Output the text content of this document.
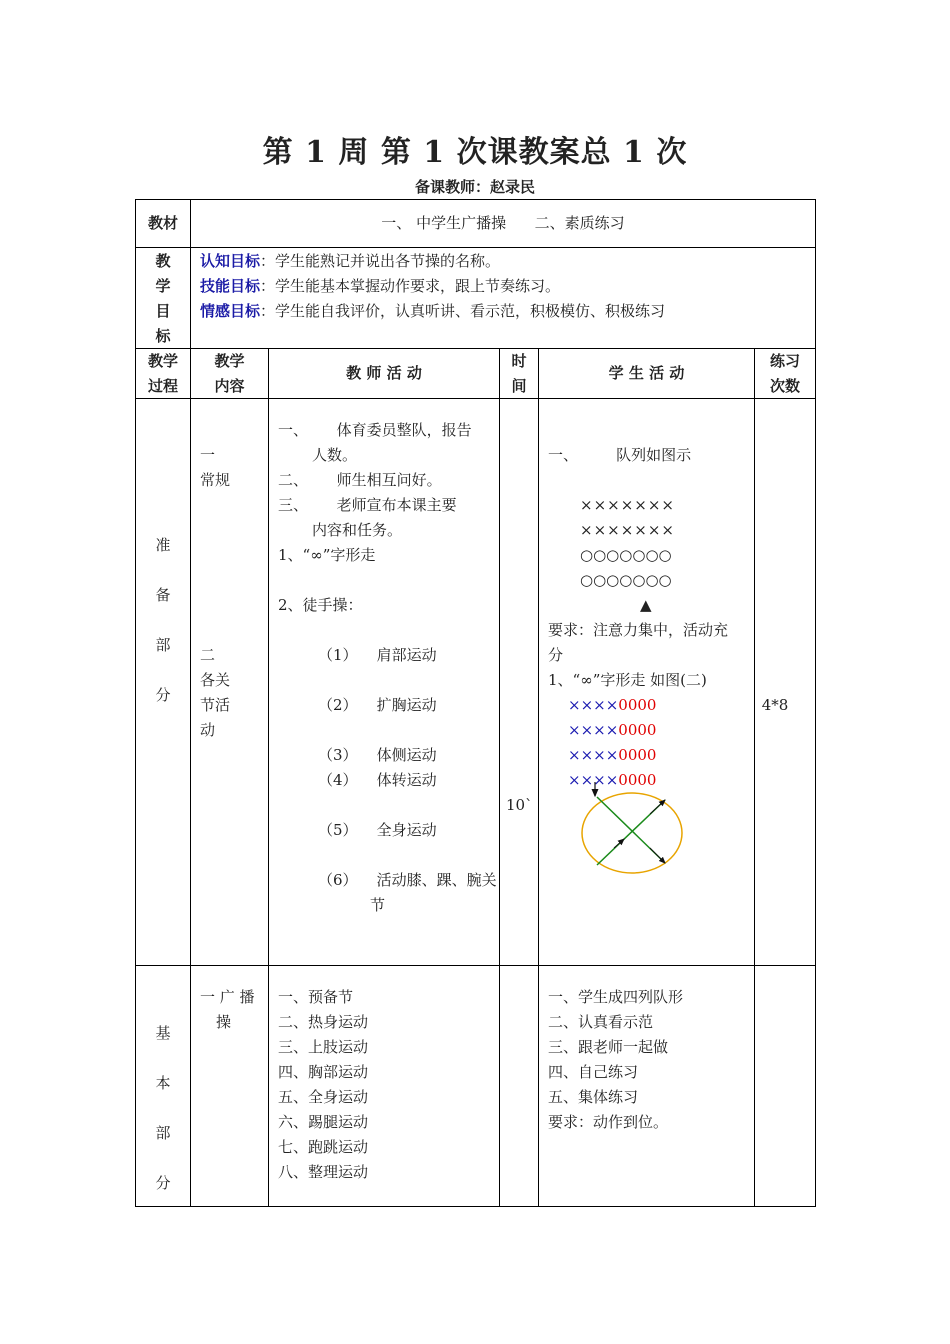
第 1 周 第 1 次课教案总 1 次
备课教师：赵录民
教材	一、 中学生广播操      二、素质练习
教
学
目
标
认知目标：学生能熟记并说出各节操的名称。
技能目标：学生能基本掌握动作要求，跟上节奏练习。
情感目标：学生能自我评价，认真听讲、看示范，积极模仿、积极练习
教学
过程
教学
内容
教 师 活 动
时
间
学 生 活 动
练习
次数
准
备
部
分
一
常规
二
各关
节活
动
一、      体育委员整队，报告
人数。
二、      师生相互问好。
三、      老师宣布本课主要
内容和任务。
1、“∞”字形走

2、徒手操：

（1）    肩部运动

（2）    扩胸运动

（3）    体侧运动
（4）    体转运动

（5）    全身运动

（6）    活动膝、踝、腕关
节
10`
一、        队列如图示

×××××××
×××××××
○○○○○○○
○○○○○○○
▲
要求：注意力集中，活动充
分
1、“∞”字形走 如图(二)
××××0000
××××0000
××××0000
××××0000
4*8
基
本
部
分
一 广 播
操
一、预备节
二、热身运动
三、上肢运动
四、胸部运动
五、全身运动
六、踢腿运动
七、跑跳运动
八、整理运动
一、学生成四列队形
二、认真看示范
三、跟老师一起做
四、自己练习
五、集体练习
要求：动作到位。
